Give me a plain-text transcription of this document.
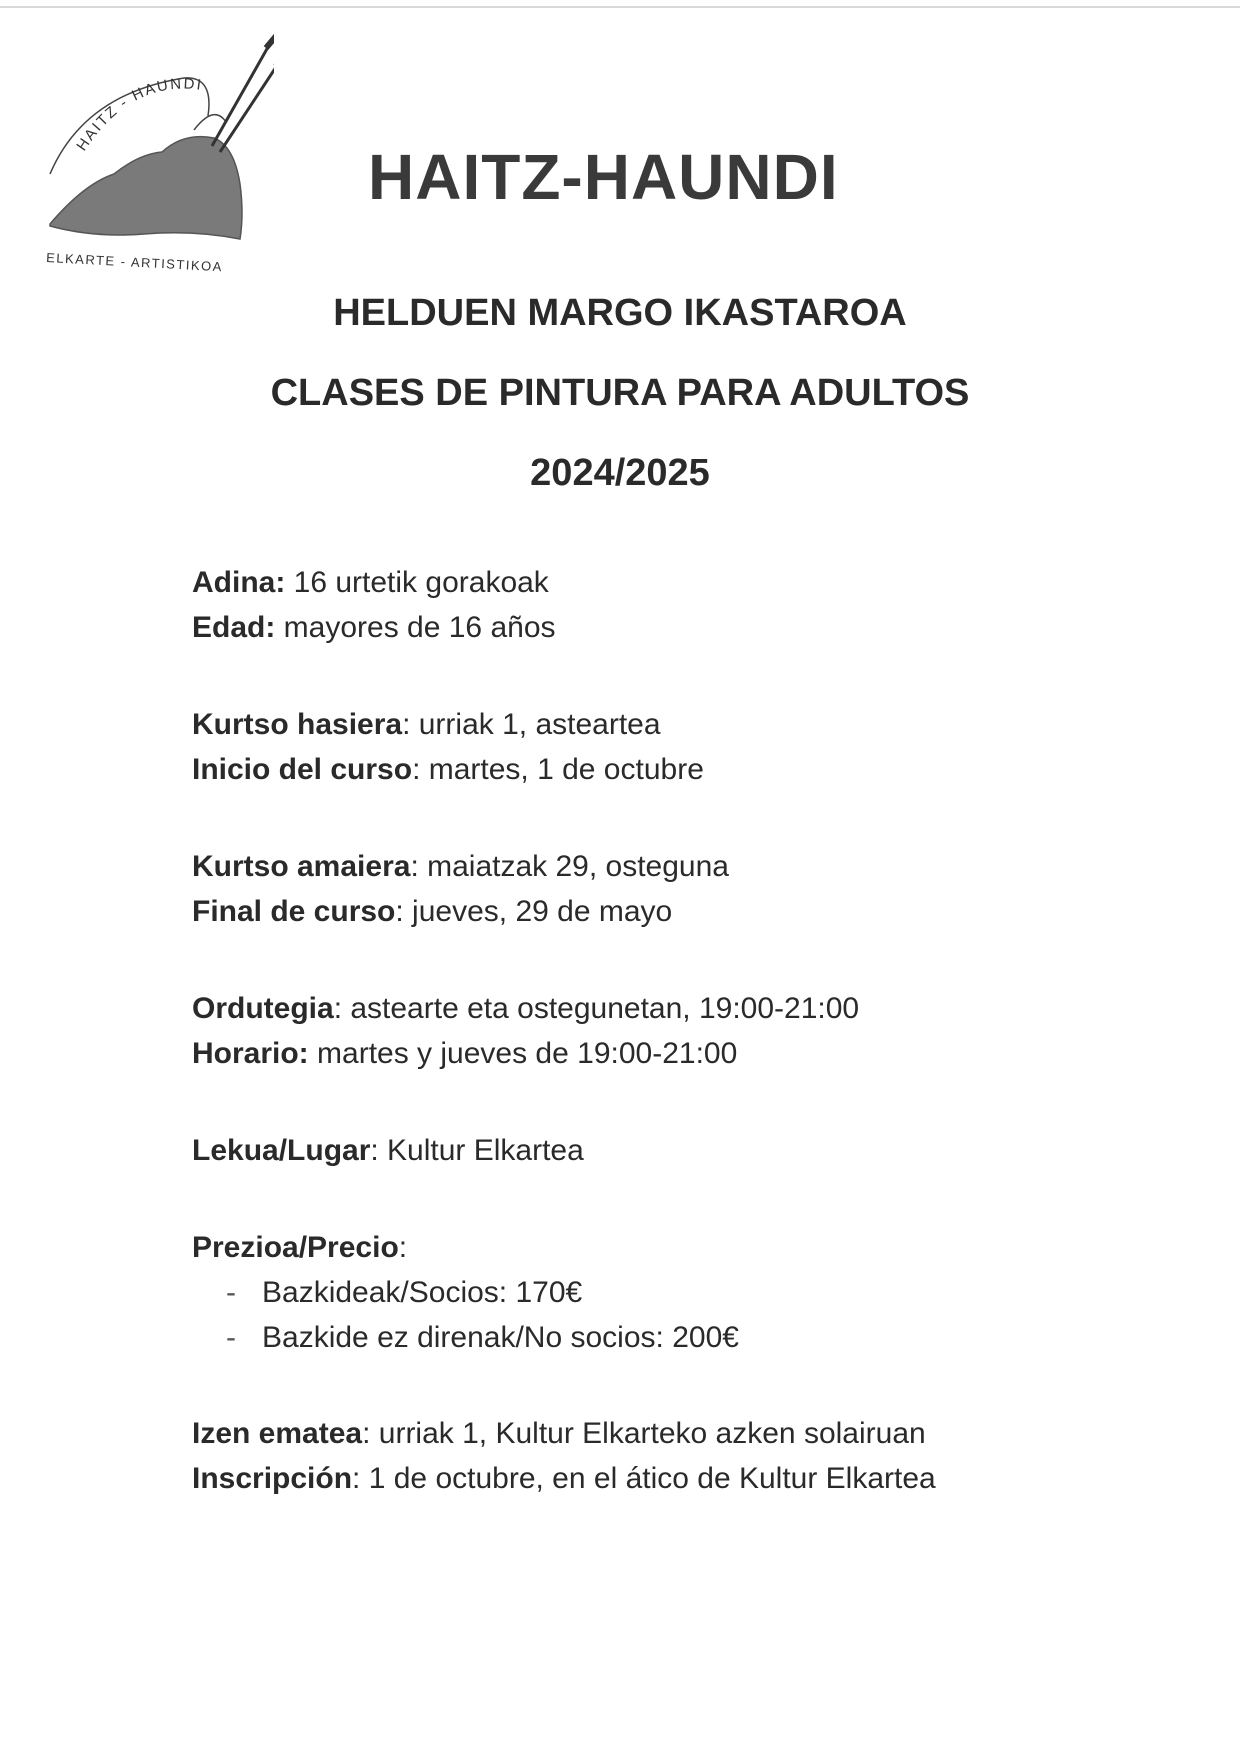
HAITZ - HAUNDI
ELKARTE - ARTISTIKOA
HAITZ-HAUNDI
HELDUEN MARGO IKASTAROA
CLASES DE PINTURA PARA ADULTOS
2024/2025
Adina: 16 urtetik gorakoak
Edad: mayores de 16 años
Kurtso hasiera: urriak 1, asteartea
Inicio del curso: martes, 1 de octubre
Kurtso amaiera: maiatzak 29, osteguna
Final de curso: jueves, 29 de mayo
Ordutegia: astearte eta ostegunetan, 19:00-21:00
Horario: martes y jueves de 19:00-21:00
Lekua/Lugar: Kultur Elkartea
Prezioa/Precio:
- Bazkideak/Socios: 170€
- Bazkide ez direnak/No socios: 200€
Izen ematea: urriak 1, Kultur Elkarteko azken solairuan
Inscripción: 1 de octubre, en el ático de Kultur Elkartea
